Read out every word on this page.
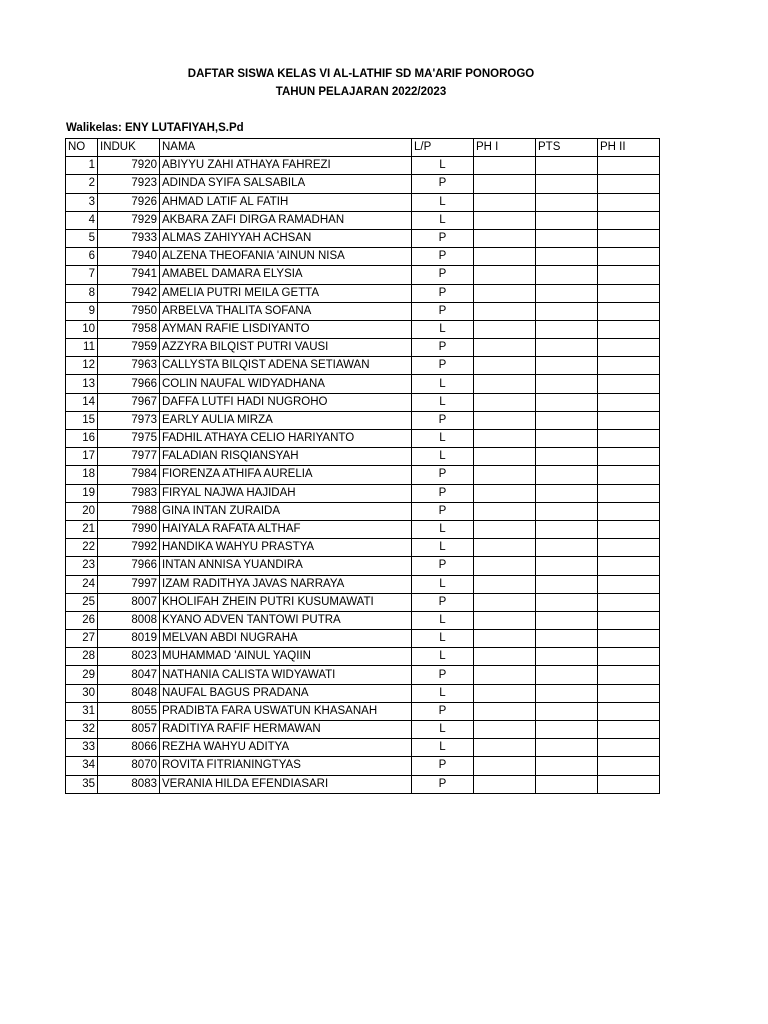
DAFTAR SISWA KELAS VI AL-LATHIF SD MA'ARIF PONOROGO
TAHUN PELAJARAN 2022/2023
Walikelas: ENY LUTAFIYAH,S.Pd
NO	INDUK	NAMA	L/P	PH I	PTS	PH II
1	7920	ABIYYU ZAHI ATHAYA FAHREZI	L			
2	7923	ADINDA SYIFA SALSABILA	P			
3	7926	AHMAD LATIF AL FATIH	L			
4	7929	AKBARA ZAFI DIRGA RAMADHAN	L			
5	7933	ALMAS ZAHIYYAH ACHSAN	P			
6	7940	ALZENA THEOFANIA 'AINUN NISA	P			
7	7941	AMABEL DAMARA ELYSIA	P			
8	7942	AMELIA PUTRI MEILA GETTA	P			
9	7950	ARBELVA THALITA SOFANA	P			
10	7958	AYMAN RAFIE LISDIYANTO	L			
11	7959	AZZYRA BILQIST PUTRI VAUSI	P			
12	7963	CALLYSTA BILQIST ADENA SETIAWAN	P			
13	7966	COLIN NAUFAL WIDYADHANA	L			
14	7967	DAFFA LUTFI HADI NUGROHO	L			
15	7973	EARLY AULIA MIRZA	P			
16	7975	FADHIL ATHAYA CELIO HARIYANTO	L			
17	7977	FALADIAN RISQIANSYAH	L			
18	7984	FIORENZA ATHIFA AURELIA	P			
19	7983	FIRYAL NAJWA HAJIDAH	P			
20	7988	GINA INTAN ZURAIDA	P			
21	7990	HAIYALA RAFATA ALTHAF	L			
22	7992	HANDIKA WAHYU PRASTYA	L			
23	7966	INTAN ANNISA YUANDIRA	P			
24	7997	IZAM RADITHYA JAVAS NARRAYA	L			
25	8007	KHOLIFAH ZHEIN PUTRI KUSUMAWATI	P			
26	8008	KYANO ADVEN TANTOWI PUTRA	L			
27	8019	MELVAN ABDI NUGRAHA	L			
28	8023	MUHAMMAD 'AINUL YAQIIN	L			
29	8047	NATHANIA CALISTA WIDYAWATI	P			
30	8048	NAUFAL BAGUS PRADANA	L			
31	8055	PRADIBTA FARA USWATUN KHASANAH	P			
32	8057	RADITIYA RAFIF HERMAWAN	L			
33	8066	REZHA WAHYU ADITYA	L			
34	8070	ROVITA FITRIANINGTYAS	P			
35	8083	VERANIA HILDA EFENDIASARI	P			
